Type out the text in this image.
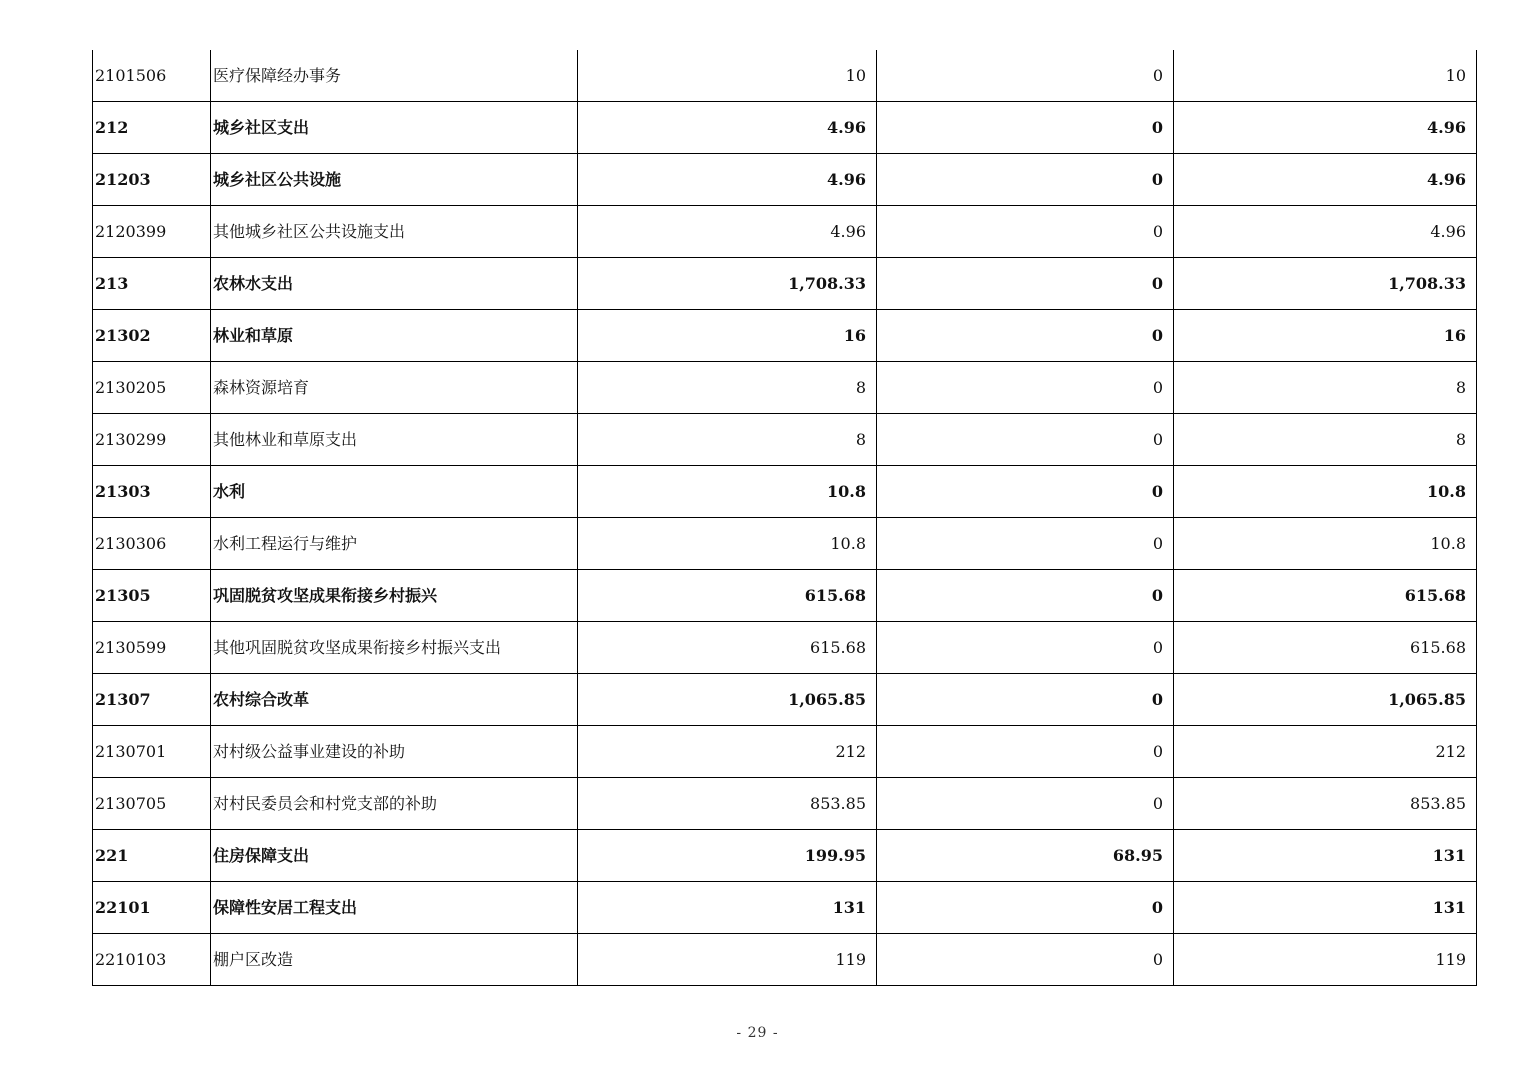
2101506	医疗保障经办事务	10	0	10
212	城乡社区支出	4.96	0	4.96
21203	城乡社区公共设施	4.96	0	4.96
2120399	其他城乡社区公共设施支出	4.96	0	4.96
213	农林水支出	1,708.33	0	1,708.33
21302	林业和草原	16	0	16
2130205	森林资源培育	8	0	8
2130299	其他林业和草原支出	8	0	8
21303	水利	10.8	0	10.8
2130306	水利工程运行与维护	10.8	0	10.8
21305	巩固脱贫攻坚成果衔接乡村振兴	615.68	0	615.68
2130599	其他巩固脱贫攻坚成果衔接乡村振兴支出	615.68	0	615.68
21307	农村综合改革	1,065.85	0	1,065.85
2130701	对村级公益事业建设的补助	212	0	212
2130705	对村民委员会和村党支部的补助	853.85	0	853.85
221	住房保障支出	199.95	68.95	131
22101	保障性安居工程支出	131	0	131
2210103	棚户区改造	119	0	119
- 29 -
